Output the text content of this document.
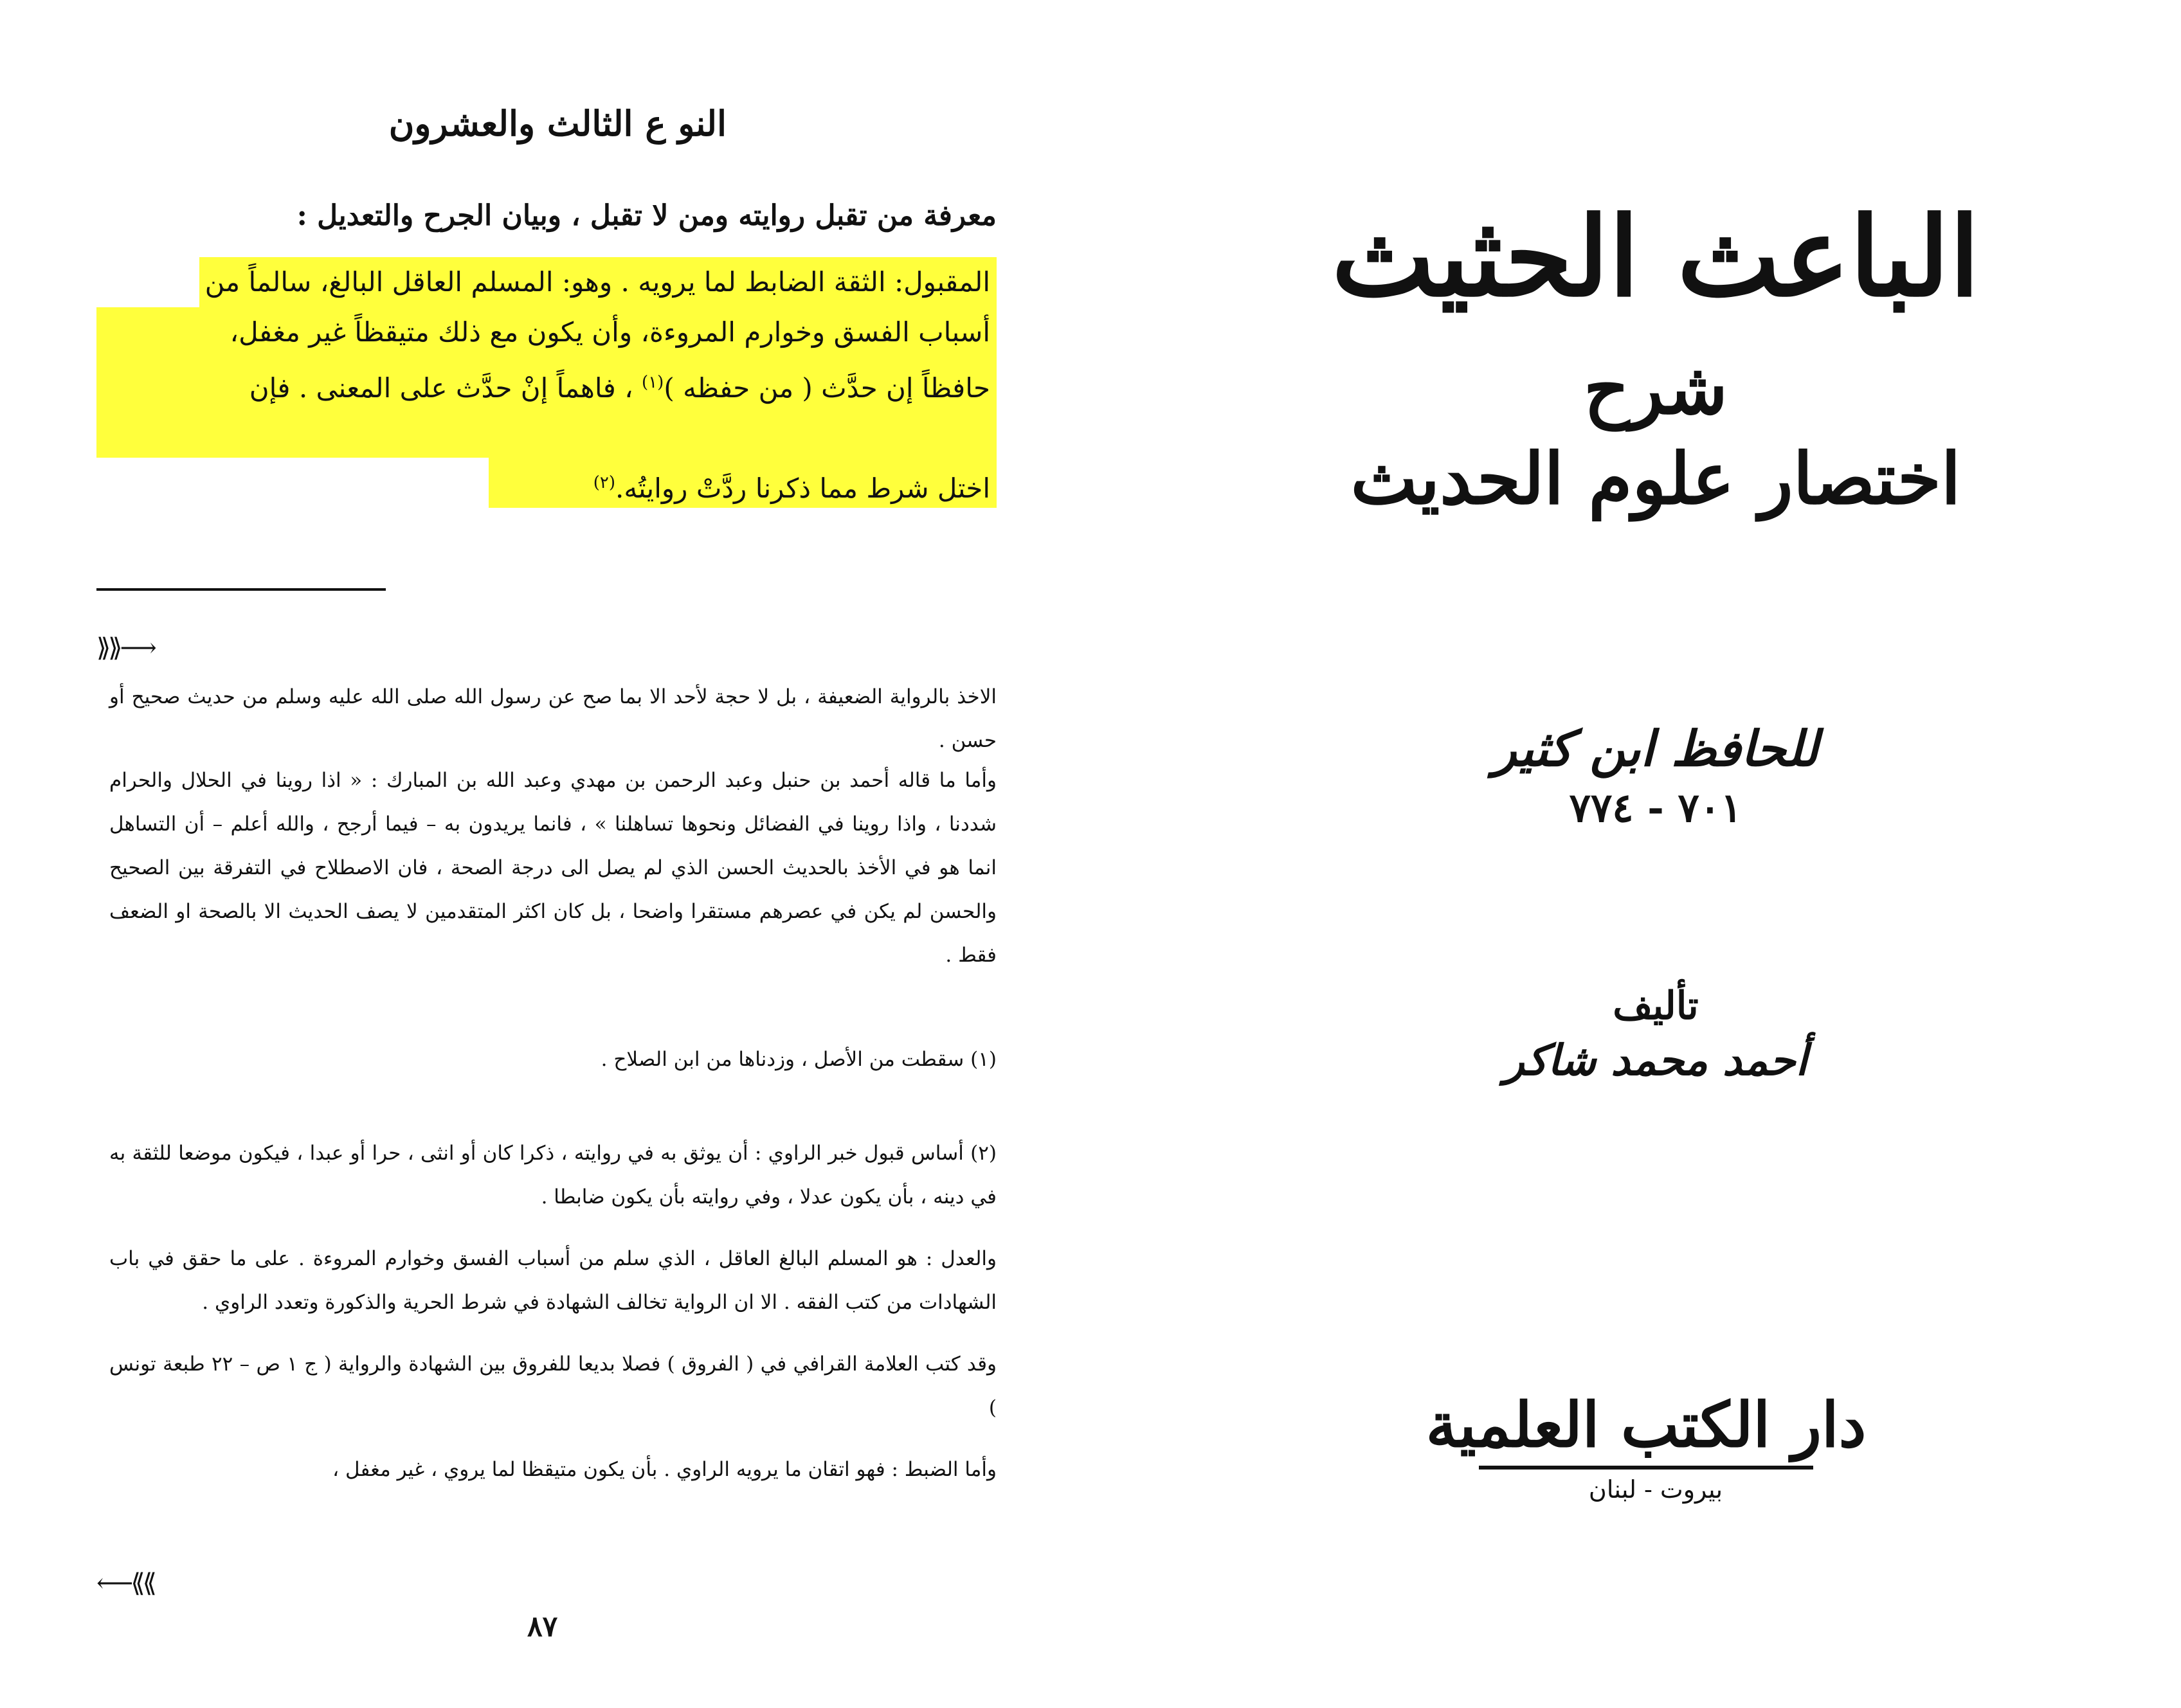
النو ع الثالث والعشرون
معرفة من تقبل روايته ومن لا تقبل ، وبيان الجرح والتعديل :
المقبول: الثقة الضابط لما يرويه . وهو: المسلم العاقل البالغ، سالماً من
أسباب الفسق وخوارم المروءة، وأن يكون مع ذلك متيقظاً غير مغفل،
حافظاً إن حدَّث ( من حفظه )$^{(١)}$ ، فاهماً إنْ حدَّث على المعنى . فإن
اختل شرط مما ذكرنا ردَّتْ روايتُه.$^{(٢)}$
⟫⟫⟶

الاخذ بالرواية الضعيفة ، بل لا حجة لأحد الا بما صح عن رسول الله صلى الله عليه وسلم من حديث صحيح أو حسن .

وأما ما قاله أحمد بن حنبل وعبد الرحمن بن مهدي وعبد الله بن المبارك : « اذا روينا في الحلال والحرام شددنا ، واذا روينا في الفضائل ونحوها تساهلنا » ، فانما يريدون به – فيما أرجح ، والله أعلم – أن التساهل انما هو في الأخذ بالحديث الحسن الذي لم يصل الى درجة الصحة ، فان الاصطلاح في التفرقة بين الصحيح والحسن لم يكن في عصرهم مستقرا واضحا ، بل كان اكثر المتقدمين لا يصف الحديث الا بالصحة او الضعف فقط .

(١) سقطت من الأصل ، وزدناها من ابن الصلاح .

(٢) أساس قبول خبر الراوي : أن يوثق به في روايته ، ذكرا كان أو انثى ، حرا أو عبدا ، فيكون موضعا للثقة به في دينه ، بأن يكون عدلا ، وفي روايته بأن يكون ضابطا .

والعدل : هو المسلم البالغ العاقل ، الذي سلم من أسباب الفسق وخوارم المروءة . على ما حقق في باب الشهادات من كتب الفقه . الا ان الرواية تخالف الشهادة في شرط الحرية والذكورة وتعدد الراوي .

وقد كتب العلامة القرافي في ( الفروق ) فصلا بديعا للفروق بين الشهادة والرواية ( ج ١ ص – ٢٢ طبعة تونس )

وأما الضبط : فهو اتقان ما يرويه الراوي . بأن يكون متيقظا لما يروي ، غير مغفل ،

⟵⟪⟪
٨٧
الباعث الحثيث
شرح
اختصار علوم الحديث
للحافظ ابن كثير
٧٠١ - ٧٧٤
تأليف
أحمد محمد شاكر
دار الكتب العلمية
بيروت - لبنان
